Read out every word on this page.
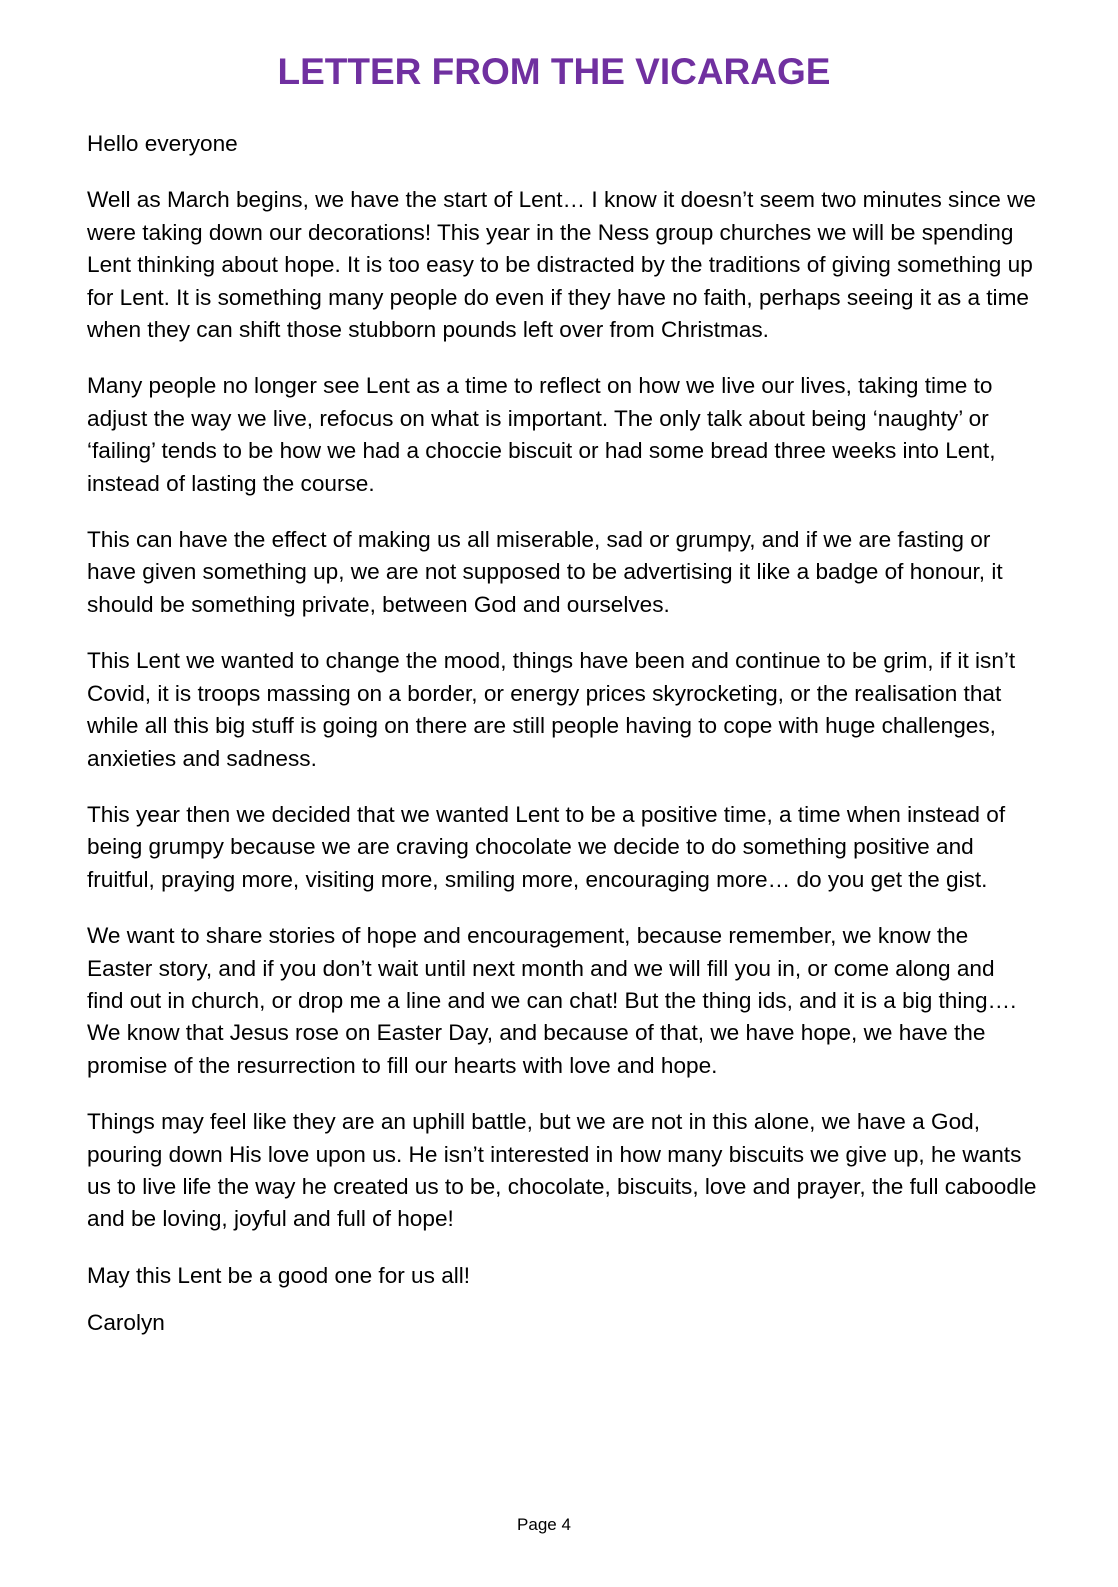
LETTER FROM THE VICARAGE

Hello everyone

Well as March begins, we have the start of Lent… I know it doesn’t seem two minutes since we were taking down our decorations! This year in the Ness group churches we will be spending Lent thinking about hope. It is too easy to be distracted by the traditions of giving something up for Lent. It is something many people do even if they have no faith, perhaps seeing it as a time when they can shift those stubborn pounds left over from Christmas.

Many people no longer see Lent as a time to reflect on how we live our lives, taking time to adjust the way we live, refocus on what is important. The only talk about being ‘naughty’ or ‘failing’ tends to be how we had a choccie biscuit or had some bread three weeks into Lent, instead of lasting the course.

This can have the effect of making us all miserable, sad or grumpy, and if we are fasting or have given something up, we are not supposed to be advertising it like a badge of honour, it should be something private, between God and ourselves.

This Lent we wanted to change the mood, things have been and continue to be grim, if it isn’t Covid, it is troops massing on a border, or energy prices skyrocketing, or the realisation that while all this big stuff is going on there are still people having to cope with huge challenges, anxieties and sadness.

This year then we decided that we wanted Lent to be a positive time, a time when instead of being grumpy because we are craving chocolate we decide to do something positive and fruitful, praying more, visiting more, smiling more, encouraging more… do you get the gist.

We want to share stories of hope and encouragement, because remember, we know the Easter story, and if you don’t wait until next month and we will fill you in, or come along and find out in church, or drop me a line and we can chat! But the thing ids, and it is a big thing…. We know that Jesus rose on Easter Day, and because of that, we have hope, we have the promise of the resurrection to fill our hearts with love and hope.

Things may feel like they are an uphill battle, but we are not in this alone, we have a God, pouring down His love upon us. He isn’t interested in how many biscuits we give up, he wants us to live life the way he created us to be, chocolate, biscuits, love and prayer, the full caboodle and be loving, joyful and full of hope!

May this Lent be a good one for us all!

Carolyn

Page 4
